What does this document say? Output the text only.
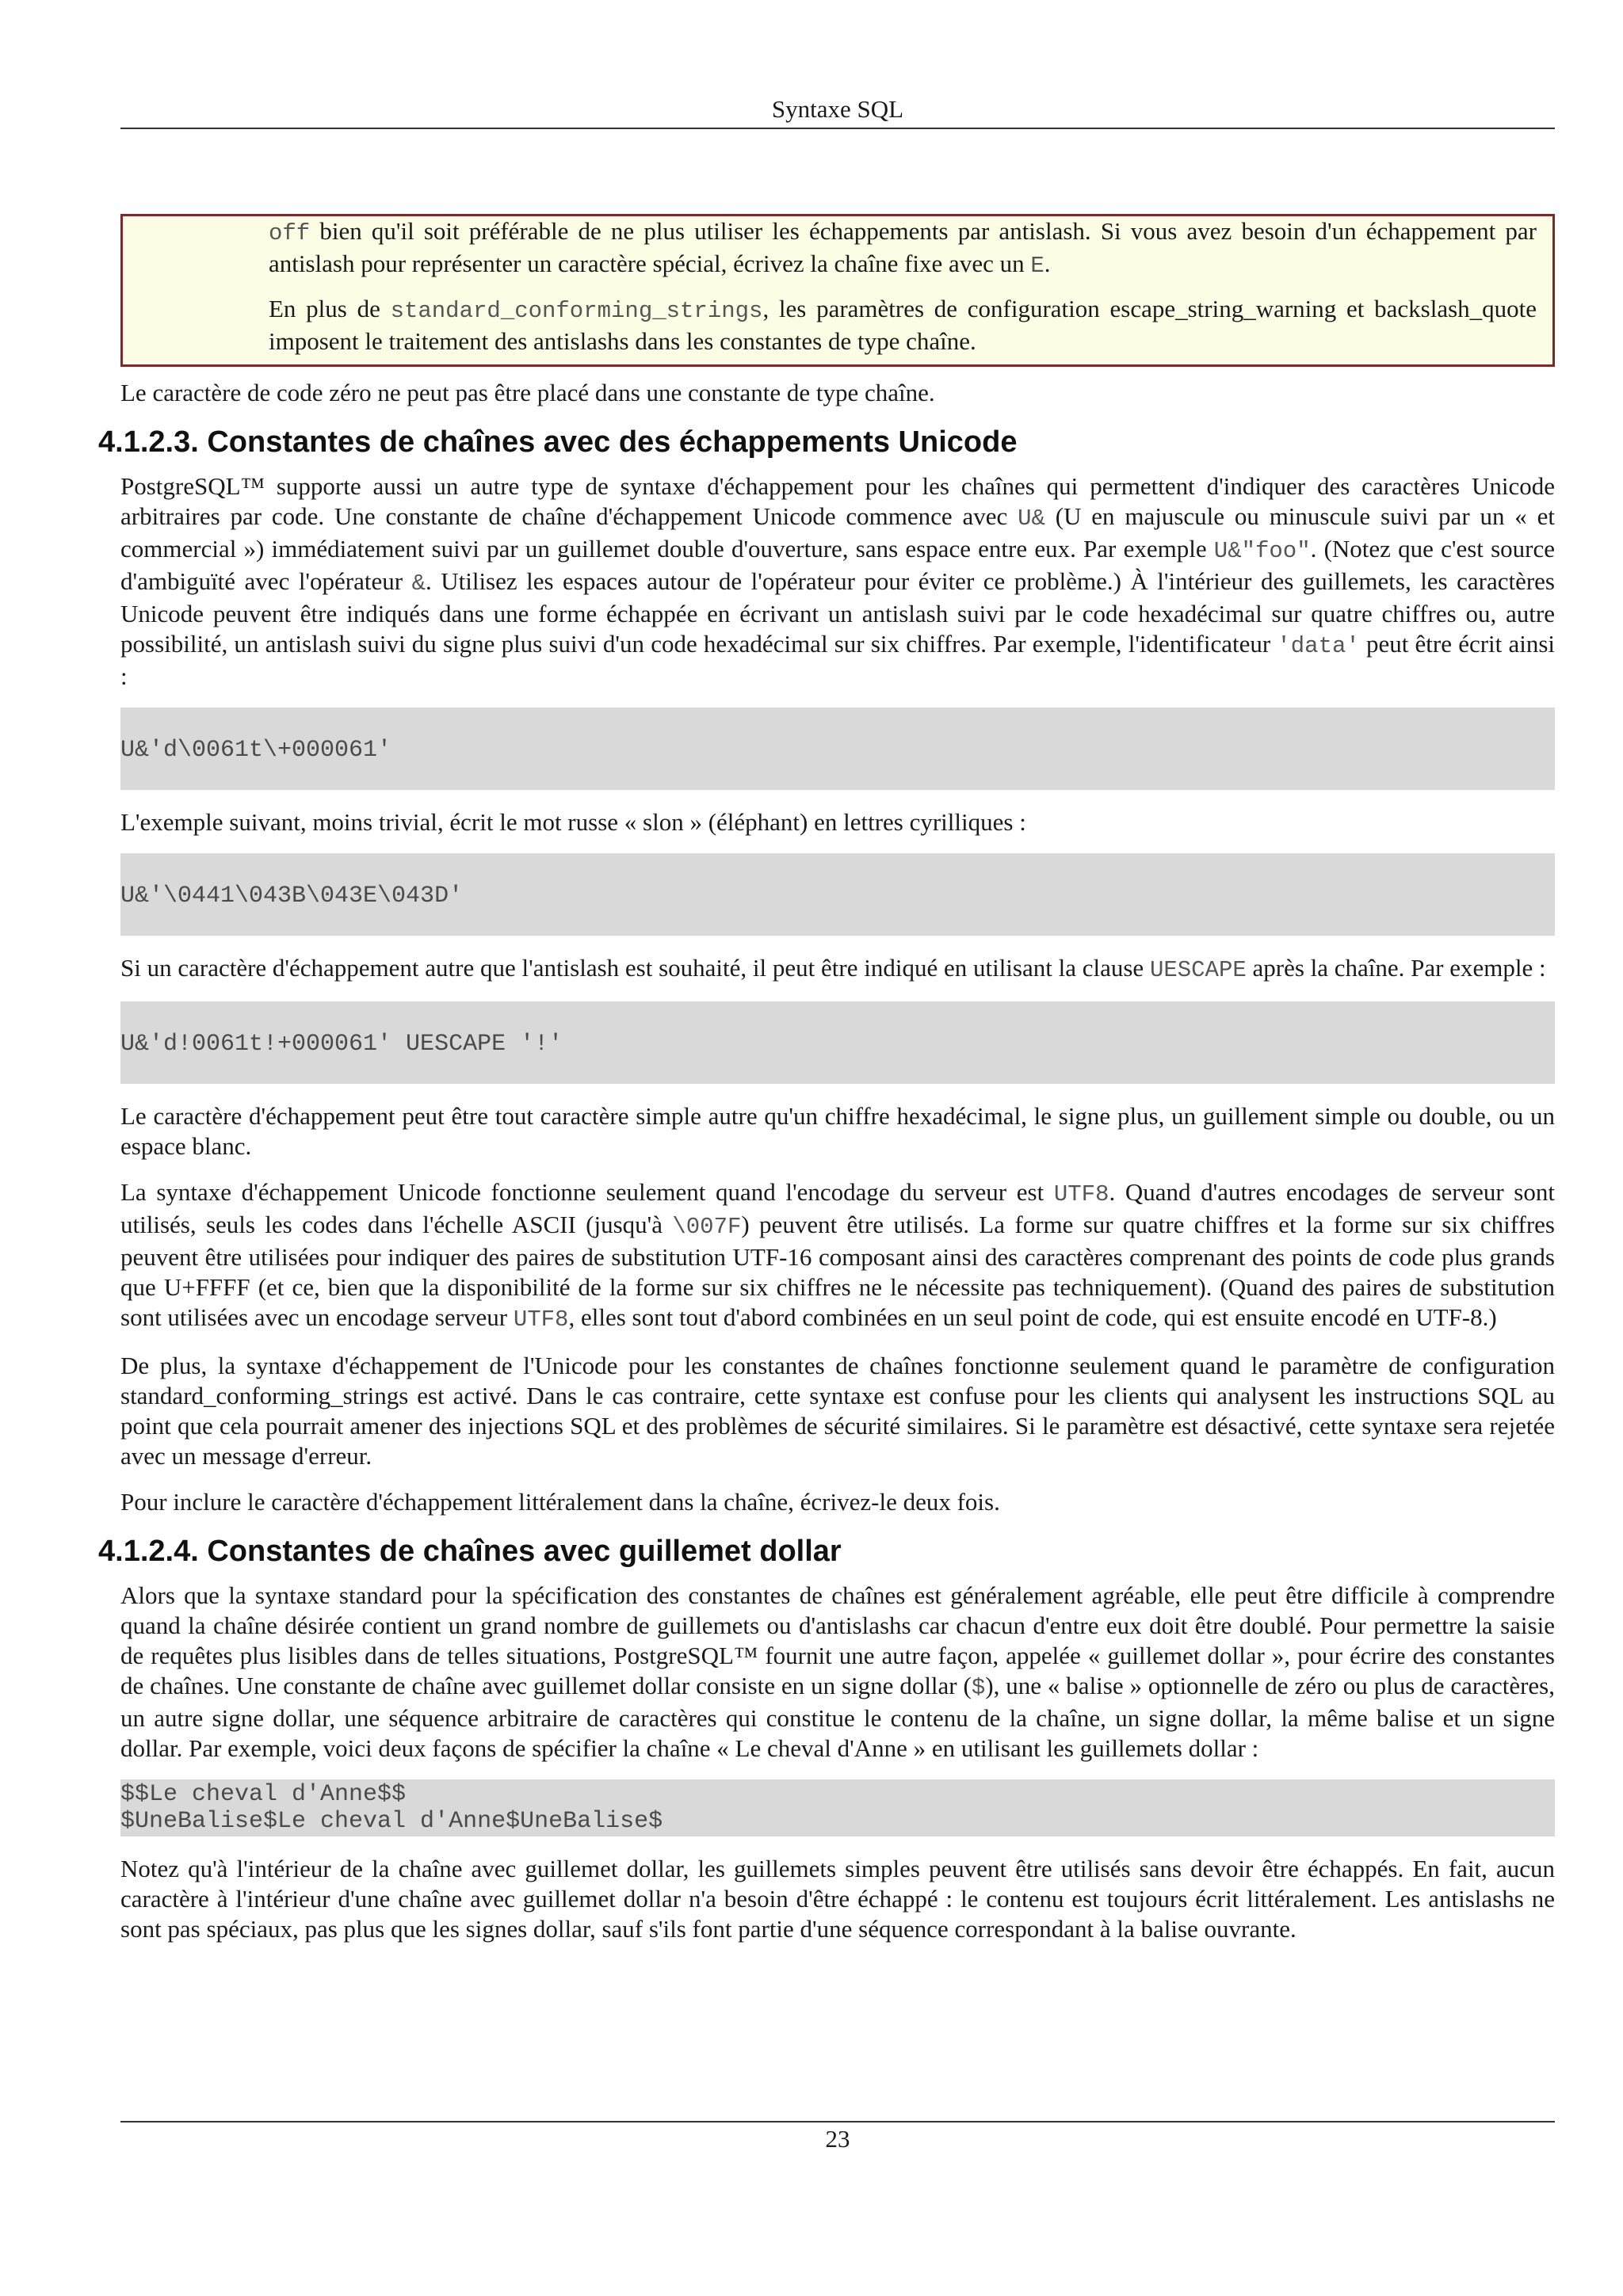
Syntaxe SQL

off bien qu'il soit préférable de ne plus utiliser les échappements par antislash. Si vous avez besoin d'un échappement par antislash pour représenter un caractère spécial, écrivez la chaîne fixe avec un E.

En plus de standard_conforming_strings, les paramètres de configuration escape_string_warning et backslash_quote imposent le traitement des antislashs dans les constantes de type chaîne.

Le caractère de code zéro ne peut pas être placé dans une constante de type chaîne.

4.1.2.3. Constantes de chaînes avec des échappements Unicode

PostgreSQL™ supporte aussi un autre type de syntaxe d'échappement pour les chaînes qui permettent d'indiquer des caractères Unicode arbitraires par code. Une constante de chaîne d'échappement Unicode commence avec U& (U en majuscule ou minuscule suivi par un « et commercial ») immédiatement suivi par un guillemet double d'ouverture, sans espace entre eux. Par exemple U&"foo". (Notez que c'est source d'ambiguïté avec l'opérateur &. Utilisez les espaces autour de l'opérateur pour éviter ce problème.) À l'intérieur des guillemets, les caractères Unicode peuvent être indiqués dans une forme échappée en écrivant un antislash suivi par le code hexadécimal sur quatre chiffres ou, autre possibilité, un antislash suivi du signe plus suivi d'un code hexadécimal sur six chiffres. Par exemple, l'identificateur 'data' peut être écrit ainsi :

U&'d\0061t\+000061'

L'exemple suivant, moins trivial, écrit le mot russe « slon » (éléphant) en lettres cyrilliques :

U&'\0441\043B\043E\043D'

Si un caractère d'échappement autre que l'antislash est souhaité, il peut être indiqué en utilisant la clause UESCAPE après la chaîne. Par exemple :

U&'d!0061t!+000061' UESCAPE '!'

Le caractère d'échappement peut être tout caractère simple autre qu'un chiffre hexadécimal, le signe plus, un guillement simple ou double, ou un espace blanc.

La syntaxe d'échappement Unicode fonctionne seulement quand l'encodage du serveur est UTF8. Quand d'autres encodages de serveur sont utilisés, seuls les codes dans l'échelle ASCII (jusqu'à \007F) peuvent être utilisés. La forme sur quatre chiffres et la forme sur six chiffres peuvent être utilisées pour indiquer des paires de substitution UTF-16 composant ainsi des caractères comprenant des points de code plus grands que U+FFFF (et ce, bien que la disponibilité de la forme sur six chiffres ne le nécessite pas techniquement). (Quand des paires de substitution sont utilisées avec un encodage serveur UTF8, elles sont tout d'abord combinées en un seul point de code, qui est ensuite encodé en UTF-8.)

De plus, la syntaxe d'échappement de l'Unicode pour les constantes de chaînes fonctionne seulement quand le paramètre de configuration standard_conforming_strings est activé. Dans le cas contraire, cette syntaxe est confuse pour les clients qui analysent les instructions SQL au point que cela pourrait amener des injections SQL et des problèmes de sécurité similaires. Si le paramètre est désactivé, cette syntaxe sera rejetée avec un message d'erreur.

Pour inclure le caractère d'échappement littéralement dans la chaîne, écrivez-le deux fois.

4.1.2.4. Constantes de chaînes avec guillemet dollar

Alors que la syntaxe standard pour la spécification des constantes de chaînes est généralement agréable, elle peut être difficile à comprendre quand la chaîne désirée contient un grand nombre de guillemets ou d'antislashs car chacun d'entre eux doit être doublé. Pour permettre la saisie de requêtes plus lisibles dans de telles situations, PostgreSQL™ fournit une autre façon, appelée « guillemet dollar », pour écrire des constantes de chaînes. Une constante de chaîne avec guillemet dollar consiste en un signe dollar ($), une « balise » optionnelle de zéro ou plus de caractères, un autre signe dollar, une séquence arbitraire de caractères qui constitue le contenu de la chaîne, un signe dollar, la même balise et un signe dollar. Par exemple, voici deux façons de spécifier la chaîne « Le cheval d'Anne » en utilisant les guillemets dollar :

$$Le cheval d'Anne$$
$UneBalise$Le cheval d'Anne$UneBalise$

Notez qu'à l'intérieur de la chaîne avec guillemet dollar, les guillemets simples peuvent être utilisés sans devoir être échappés. En fait, aucun caractère à l'intérieur d'une chaîne avec guillemet dollar n'a besoin d'être échappé : le contenu est toujours écrit littéralement. Les antislashs ne sont pas spéciaux, pas plus que les signes dollar, sauf s'ils font partie d'une séquence correspondant à la balise ouvrante.

23
